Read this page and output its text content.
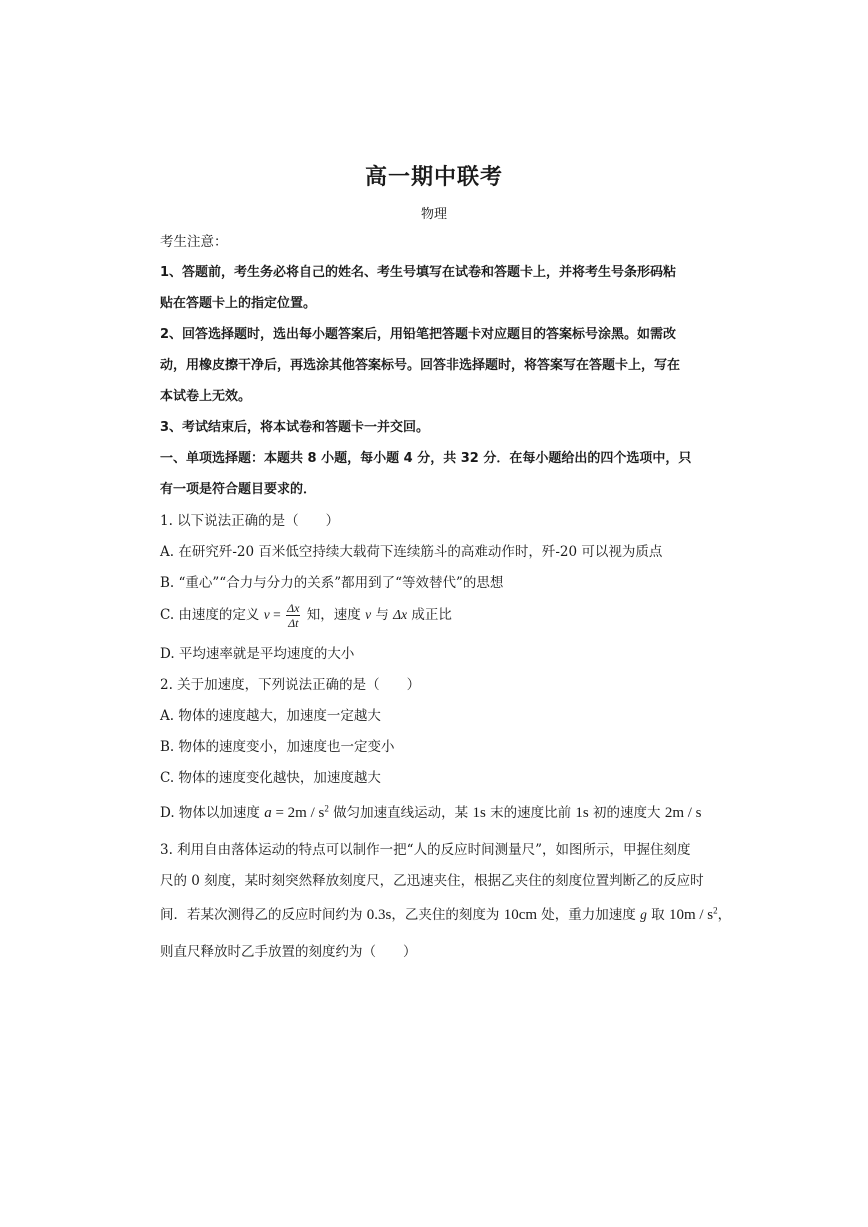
高一期中联考
物理
考生注意：
1、答题前，考生务必将自己的姓名、考生号填写在试卷和答题卡上，并将考生号条形码粘
贴在答题卡上的指定位置。
2、回答选择题时，选出每小题答案后，用铅笔把答题卡对应题目的答案标号涂黑。如需改
动，用橡皮擦干净后，再选涂其他答案标号。回答非选择题时，将答案写在答题卡上，写在
本试卷上无效。
3、考试结束后，将本试卷和答题卡一并交回。
一、单项选择题：本题共 8 小题，每小题 4 分，共 32 分．在每小题给出的四个选项中，只
有一项是符合题目要求的．
1. 以下说法正确的是（　　）
A. 在研究歼-20 百米低空持续大载荷下连续筋斗的高难动作时，歼-20 可以视为质点
B. “重心”“合力与分力的关系”都用到了“等效替代”的思想
C. 由速度的定义 $v = \frac{\Delta x}{\Delta t}$ 知，速度 v 与 Δx 成正比
D. 平均速率就是平均速度的大小
2. 关于加速度，下列说法正确的是（　　）
A. 物体的速度越大，加速度一定越大
B. 物体的速度变小，加速度也一定变小
C. 物体的速度变化越快，加速度越大
D. 物体以加速度 $a = 2m / s^2$ 做匀加速直线运动，某 1s 末的速度比前 1s 初的速度大 2m / s
3. 利用自由落体运动的特点可以制作一把“人的反应时间测量尺”，如图所示，甲握住刻度
尺的 0 刻度，某时刻突然释放刻度尺，乙迅速夹住，根据乙夹住的刻度位置判断乙的反应时
间．若某次测得乙的反应时间约为 0.3s，乙夹住的刻度为 10cm 处，重力加速度 g 取 $10m / s^2$，
则直尺释放时乙手放置的刻度约为（　　）
